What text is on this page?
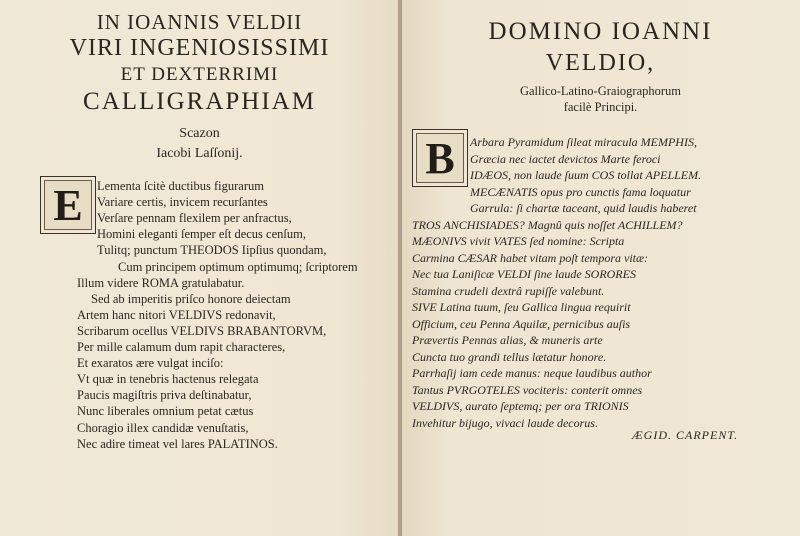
IN IOANNIS VELDII
VIRI INGENIOSISSIMI
ET DEXTERRIMI
CALLIGRAPHIAM
Scazon
Iacobi Laſſonij.
E	Lementa ſcitè ductibus figurarum
Variare certis, invicem recurſantes
Verſare pennam flexilem per anfractus,
Homini eleganti ſemper eſt decus cenſum,
Tulitq; punctum THEODOS Iipſius quondam,
Cum principem optimum optimumq; ſcriptorem
Illum videre ROMA gratulabatur.
Sed ab imperitis priſco honore deiectam
Artem hanc nitori VELDIVS redonavit,
Scribarum ocellus VELDIVS BRABANTORVM,
Per mille calamum dum rapit characteres,
Et exaratos ære vulgat inciſo:
Vt quæ in tenebris hactenus relegata
Paucis magiſtris priva deſtinabatur,
Nunc liberales omnium petat cætus
Choragio illex candidæ venuſtatis,
Nec adire timeat vel lares PALATINOS.
DOMINO IOANNI
VELDIO,
Gallico-Latino-Graiographorum
facilè Principi.
B	Arbara Pyramidum ſileat miracula MEMPHIS,
Græcia nec iactet devictos Marte feroci
IDÆOS, non laude ſuum COS tollat APELLEM.
MECÆNATIS opus pro cunctis fama loquatur
Garrula: ſi chartæ taceant, quid laudis haberet
TROS ANCHISIADES? Magnû quis noſſet ACHILLEM?
MÆONIVS vivit VATES ſed nomine: Scripta
Carmina CÆSAR habet vitam poſt tempora vitæ:
Nec tua Laniſicæ VELDI ſine laude SORORES
Stamina crudeli dextrâ rupiſſe valebunt.
SIVE Latina tuum, ſeu Gallica lingua requirit
Officium, ceu Penna Aquilæ, pernicibus auſis
Prævertis Pennas alias, & muneris arte
Cuncta tuo grandi tellus lætatur honore.
Parrhaſij iam cede manus: neque laudibus author
Tantus PVRGOTELES vociteris: conterit omnes
VELDIVS, aurato ſeptemq; per ora TRIONIS
Invehitur bijugo, vivaci laude decorus.
ÆGID. CARPENT.
